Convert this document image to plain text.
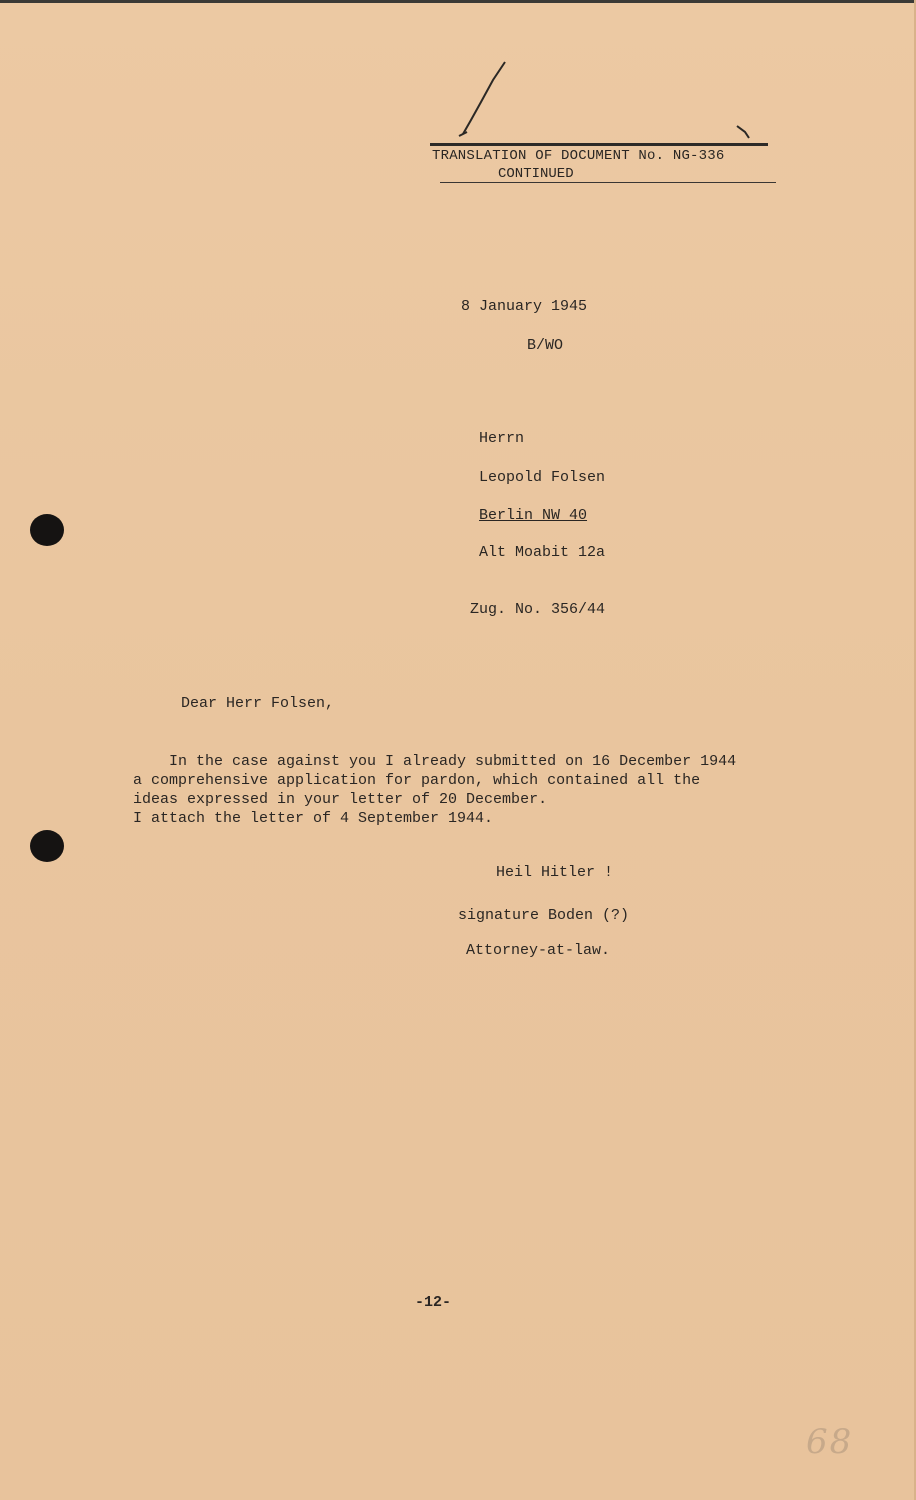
TRANSLATION OF DOCUMENT No. NG-336
CONTINUED
8 January 1945
B/WO
Herrn
Leopold Folsen
Berlin NW 40
Alt Moabit 12a
Zug. No. 356/44
Dear Herr Folsen,
In the case against you I already submitted on 16 December 1944
a comprehensive application for pardon, which contained all the
ideas expressed in your letter of 20 December.
I attach the letter of 4 September 1944.
Heil Hitler !
signature Boden (?)
Attorney-at-law.
-12-
68
